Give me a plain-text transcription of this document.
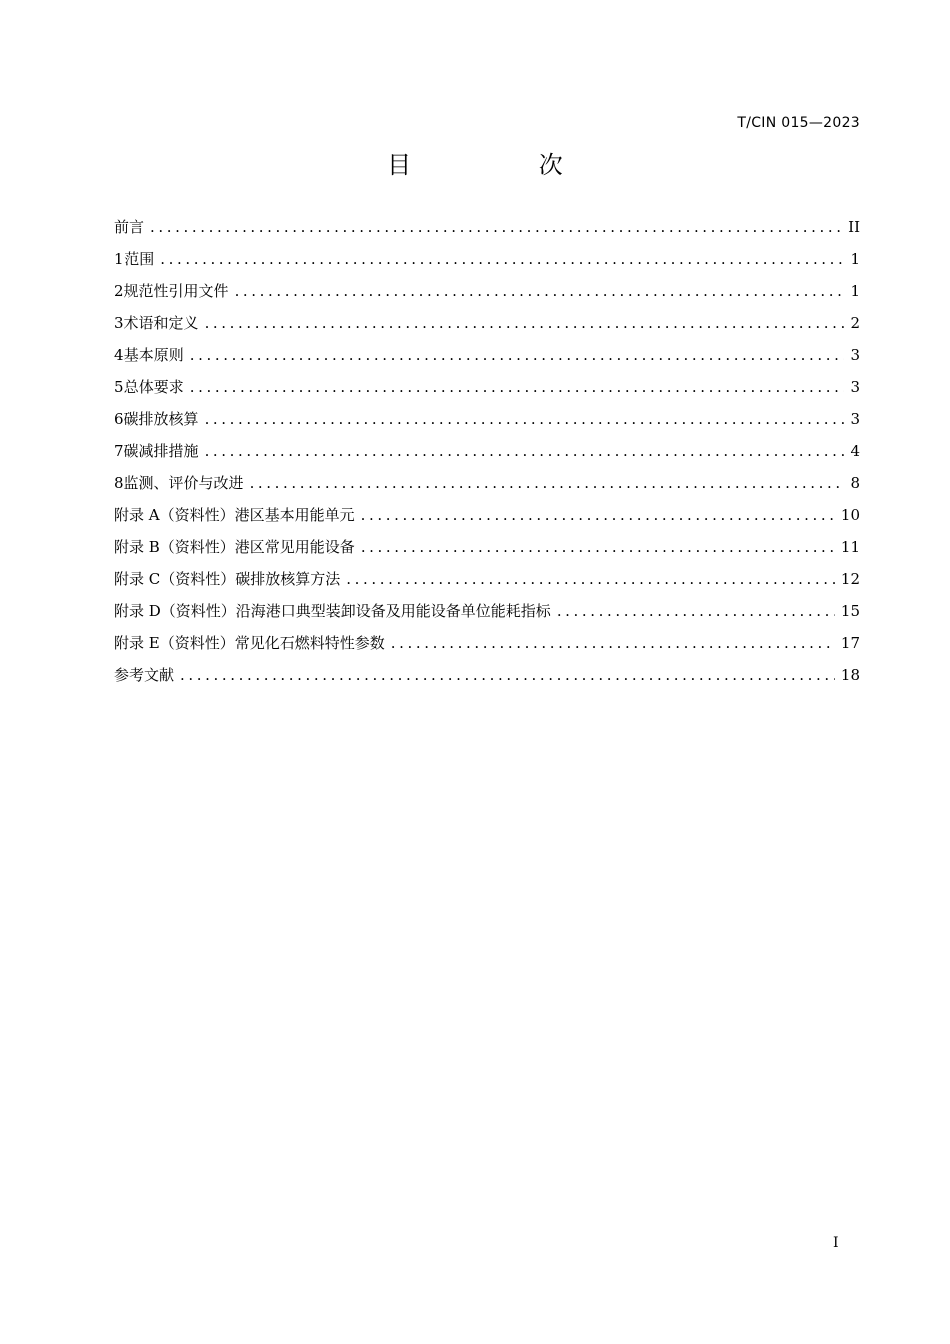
T/CIN 015—2023
目 次
前言 .....	II
1 范围 .....	1
2 规范性引用文件 .....	1
3 术语和定义 .....	2
4 基本原则 .....	3
5 总体要求 .....	3
6 碳排放核算 .....	3
7 碳减排措施 .....	4
8 监测、评价与改进 .....	8
附录 A（资料性） 港区基本用能单元 .....	10
附录 B（资料性） 港区常见用能设备 .....	11
附录 C（资料性） 碳排放核算方法 .....	12
附录 D（资料性） 沿海港口典型装卸设备及用能设备单位能耗指标 .....	15
附录 E（资料性） 常见化石燃料特性参数 .....	17
参考文献 .....	18
I
